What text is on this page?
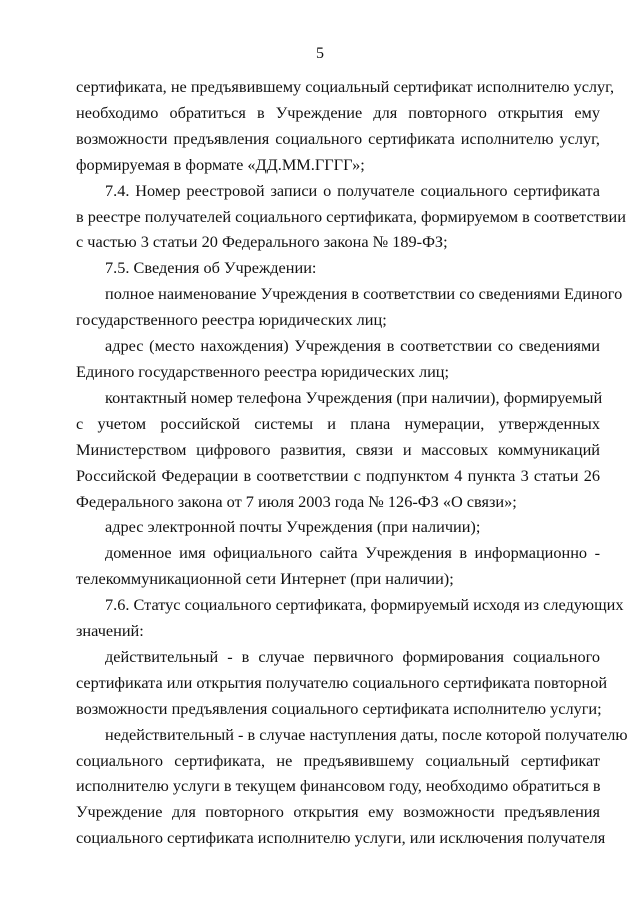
5
сертификата, не предъявившему социальный сертификат исполнителю услуг,
необходимо обратиться в Учреждение для повторного открытия ему
возможности предъявления социального сертификата исполнителю услуг,
формируемая в формате «ДД.ММ.ГГГГ»;
7.4. Номер реестровой записи о получателе социального сертификата
в реестре получателей социального сертификата, формируемом в соответствии
с частью 3 статьи 20 Федерального закона № 189-ФЗ;
7.5. Сведения об Учреждении:
полное наименование Учреждения в соответствии со сведениями Единого
государственного реестра юридических лиц;
адрес (место нахождения) Учреждения в соответствии со сведениями
Единого государственного реестра юридических лиц;
контактный номер телефона Учреждения (при наличии), формируемый
с учетом российской системы и плана нумерации, утвержденных
Министерством цифрового развития, связи и массовых коммуникаций
Российской Федерации в соответствии с подпунктом 4 пункта 3 статьи 26
Федерального закона от 7 июля 2003 года № 126-ФЗ «О связи»;
адрес электронной почты Учреждения (при наличии);
доменное имя официального сайта Учреждения в информационно -
телекоммуникационной сети Интернет (при наличии);
7.6. Статус социального сертификата, формируемый исходя из следующих
значений:
действительный - в случае первичного формирования социального
сертификата или открытия получателю социального сертификата повторной
возможности предъявления социального сертификата исполнителю услуги;
недействительный - в случае наступления даты, после которой получателю
социального сертификата, не предъявившему социальный сертификат
исполнителю услуги в текущем финансовом году, необходимо обратиться в
Учреждение для повторного открытия ему возможности предъявления
социального сертификата исполнителю услуги, или исключения получателя
